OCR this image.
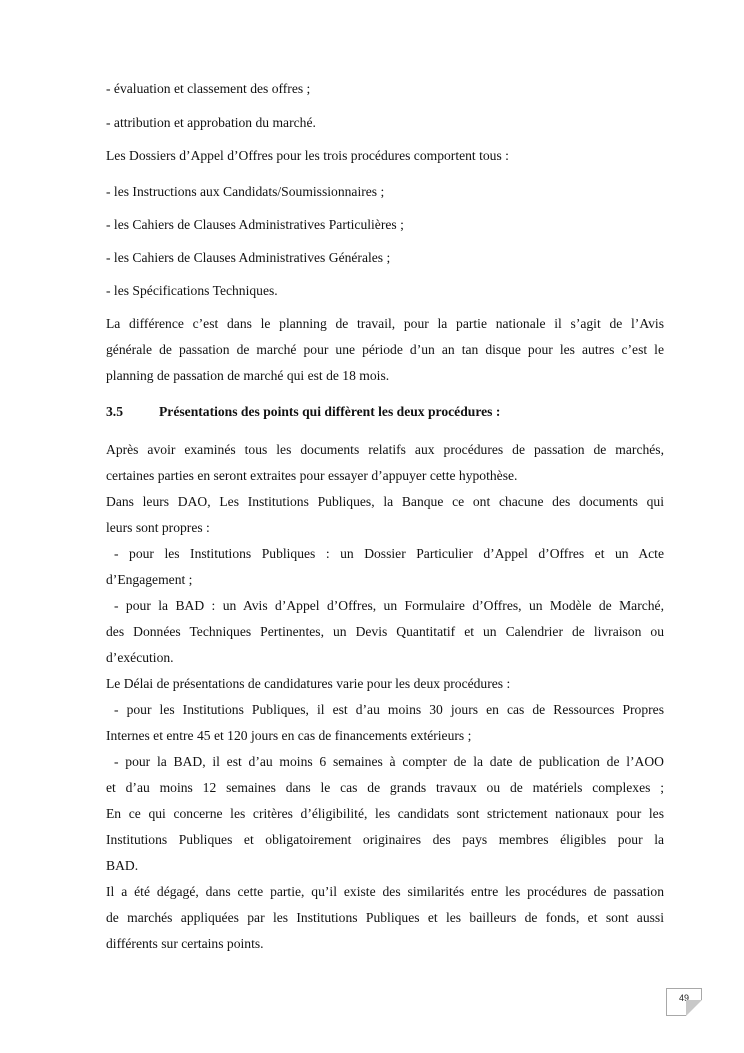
- évaluation et classement des offres ;
- attribution et approbation du marché.
Les Dossiers d’Appel d’Offres pour les trois procédures comportent tous :
- les Instructions aux Candidats/Soumissionnaires ;
- les Cahiers de Clauses Administratives Particulières ;
- les Cahiers de Clauses Administratives Générales ;
- les Spécifications Techniques.
La différence c’est dans le planning de travail, pour la partie nationale il s’agit de l’Avis
générale de passation de marché pour une période d’un an tan disque pour les autres c’est le
planning de passation de marché qui est de 18 mois.
3.5	Présentations des points qui diffèrent les deux procédures :
Après avoir examinés tous les documents relatifs aux procédures de passation de marchés,
certaines parties en seront extraites pour essayer d’appuyer cette hypothèse.
Dans leurs DAO, Les Institutions Publiques, la Banque ce ont chacune des documents qui
leurs sont propres :
- pour les Institutions Publiques : un Dossier Particulier d’Appel d’Offres et un Acte
d’Engagement ;
- pour la BAD : un Avis d’Appel d’Offres, un Formulaire d’Offres, un Modèle de Marché,
des Données Techniques Pertinentes, un Devis Quantitatif et un Calendrier de livraison ou
d’exécution.
Le Délai de présentations de candidatures varie pour les deux procédures :
- pour les Institutions Publiques, il est d’au moins 30 jours en cas de Ressources Propres
Internes et entre 45 et 120 jours en cas de financements extérieurs ;
- pour la BAD, il est d’au moins 6 semaines à compter de la date de publication de l’AOO
et d’au moins 12 semaines dans le cas de grands travaux ou de matériels complexes ;
En ce qui concerne les critères d’éligibilité, les candidats sont strictement nationaux pour les
Institutions Publiques et obligatoirement originaires des pays membres éligibles pour la
BAD.
Il a été dégagé, dans cette partie, qu’il existe des similarités entre les procédures de passation
de marchés appliquées par les Institutions Publiques et les bailleurs de fonds, et sont aussi
différents sur certains points.
49
